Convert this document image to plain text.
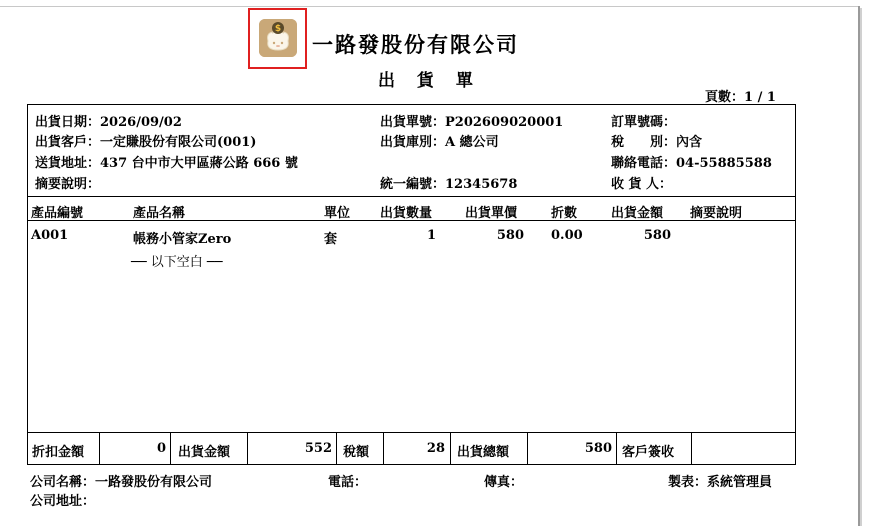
$
一路發股份有限公司
出 貨 單
頁數：1 / 1
出貨日期：2026/09/02
出貨客戶：一定賺股份有限公司(001)
送貨地址：437 台中市大甲區蔣公路 666 號
摘要說明：
出貨單號：P202609020001
出貨庫別：A 總公司
統一編號：12345678
訂單號碼：
稅　　別：內含
聯絡電話：04-55885588
收 貨 人：
產品編號	產品名稱	單位 出貨數量	出貨單價	折數	出貨金額 摘要說明
A001	帳務小管家Zero	套	1	580 0.00	580
── 以下空白 ──
折扣金額	0 出貨金額	552 稅額	28 出貨總額	580 客戶簽收
公司名稱：一路發股份有限公司
公司地址：
電話：	傳真：	製表：系統管理員
